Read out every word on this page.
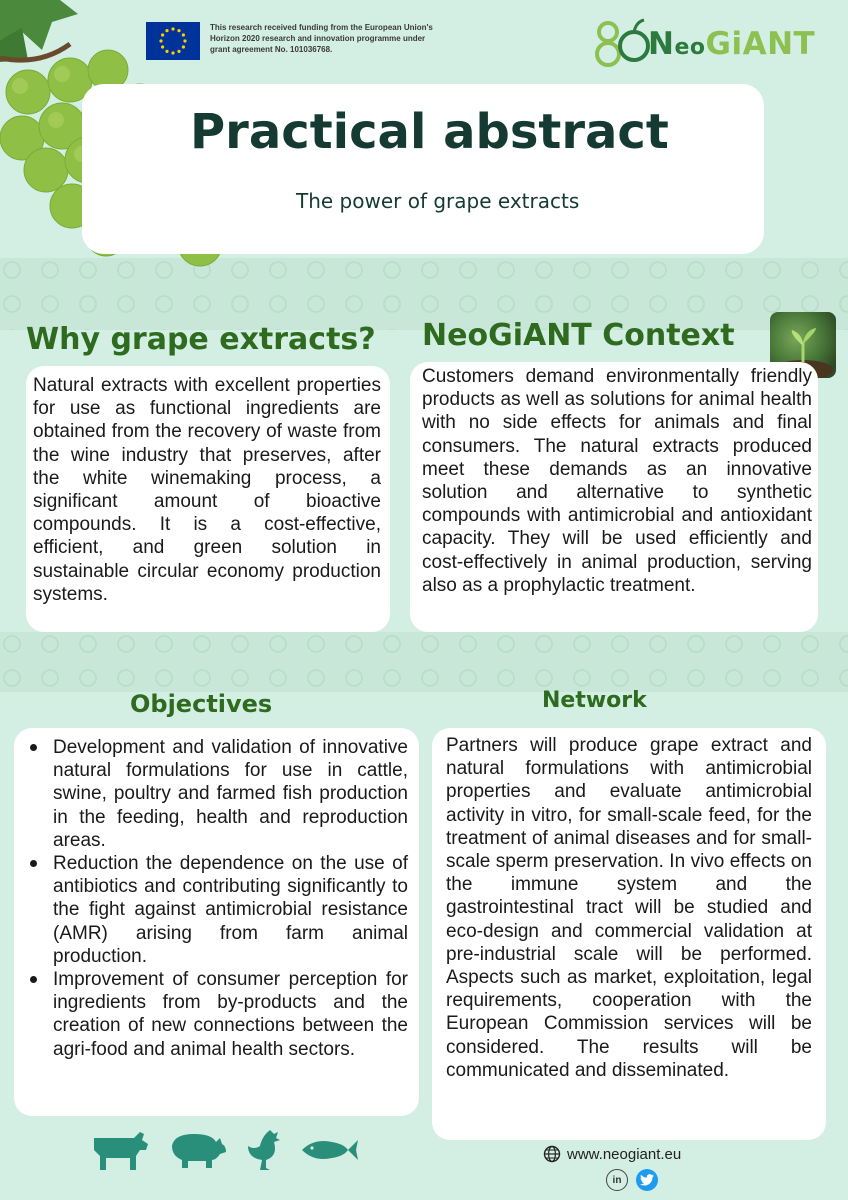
This research received funding from the European Union's Horizon 2020 research and innovation programme under grant agreement No. 101036768.	NeoGiANT
Practical abstract
The power of grape extracts
Why grape extracts?
Natural extracts with excellent properties for use as functional ingredients are obtained from the recovery of waste from the wine industry that preserves, after the white winemaking process, a significant amount of bioactive compounds. It is a cost-effective, efficient, and green solution in sustainable circular economy production systems.
NeoGiANT Context
Customers demand environmentally friendly products as well as solutions for animal health with no side effects for animals and final consumers. The natural extracts produced meet these demands as an innovative solution and alternative to synthetic compounds with antimicrobial and antioxidant capacity. They will be used efficiently and cost-effectively in animal production, serving also as a prophylactic treatment.
Objectives
Development and validation of innovative natural formulations for use in cattle, swine, poultry and farmed fish production in the feeding, health and reproduction areas.
Reduction the dependence on the use of antibiotics and contributing significantly to the fight against antimicrobial resistance (AMR) arising from farm animal production.
Improvement of consumer perception for ingredients from by-products and the creation of new connections between the agri-food and animal health sectors.
Network
Partners will produce grape extract and natural formulations with antimicrobial properties and evaluate antimicrobial activity in vitro, for small-scale feed, for the treatment of animal diseases and for small-scale sperm preservation. In vivo effects on the immune system and the gastrointestinal tract will be studied and eco-design and commercial validation at pre-industrial scale will be performed. Aspects such as market, exploitation, legal requirements, cooperation with the European Commission services will be considered. The results will be communicated and disseminated.
www.neogiant.eu
in
